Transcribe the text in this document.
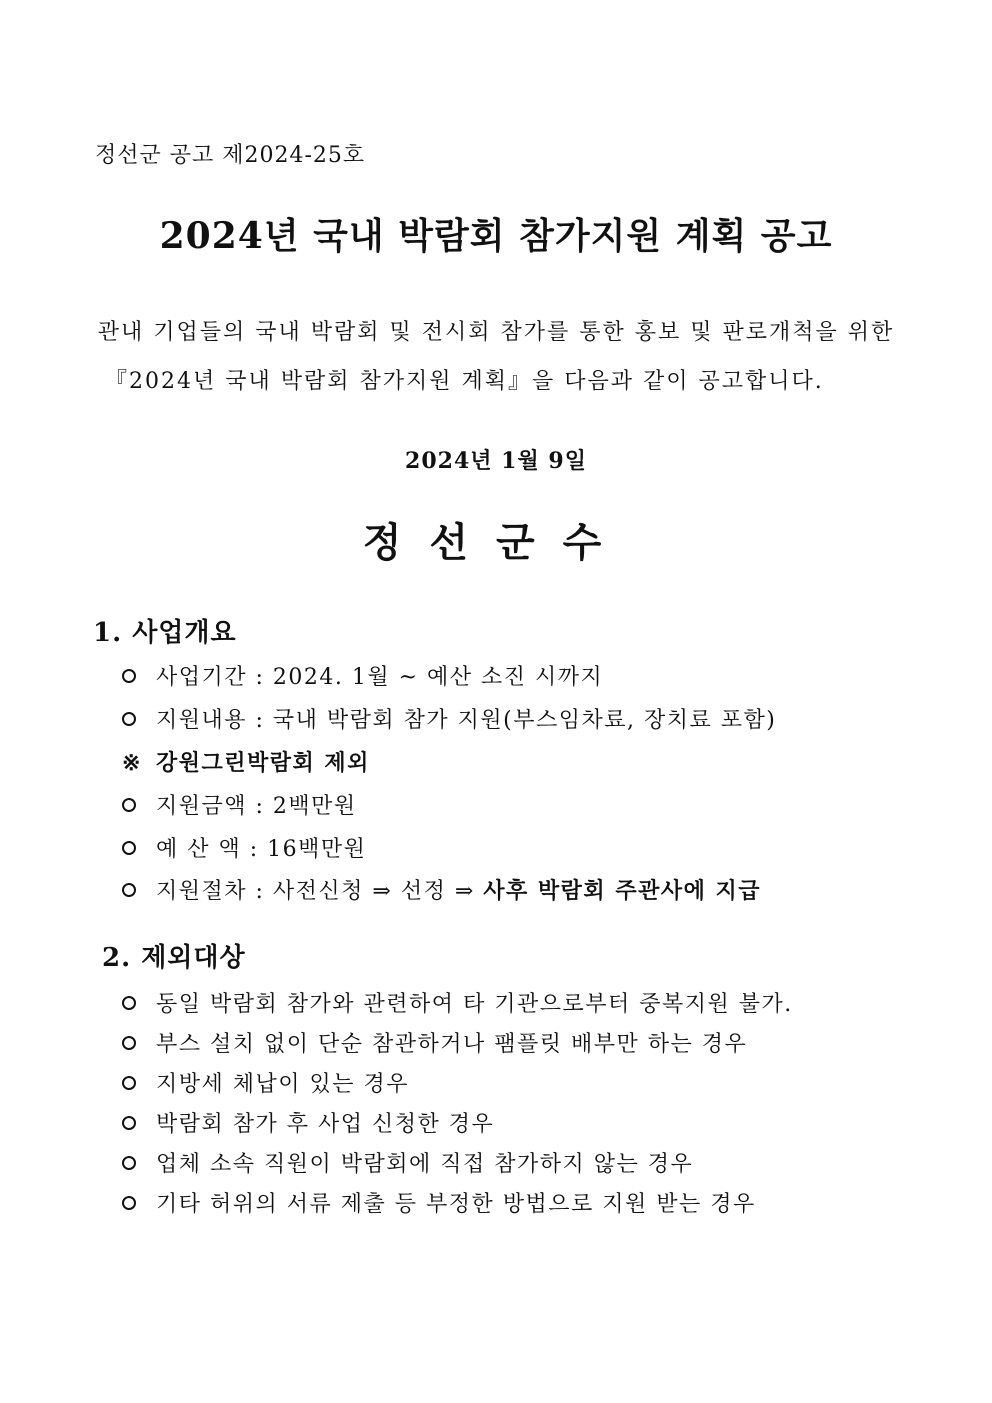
정선군 공고 제2024-25호
2024년 국내 박람회 참가지원 계획 공고
관내 기업들의 국내 박람회 및 전시회 참가를 통한 홍보 및 판로개척을 위한
『2024년 국내 박람회 참가지원 계획』을 다음과 같이 공고합니다.
2024년 1월 9일
정선군수
1. 사업개요
사업기간 : 2024. 1월 ~ 예산 소진 시까지
지원내용 : 국내 박람회 참가 지원(부스임차료, 장치료 포함)
※ 강원그린박람회 제외
지원금액 : 2백만원
예 산 액 : 16백만원
지원절차 : 사전신청 ⇒ 선정 ⇒ 사후 박람회 주관사에 지급
2. 제외대상
동일 박람회 참가와 관련하여 타 기관으로부터 중복지원 불가.
부스 설치 없이 단순 참관하거나 팸플릿 배부만 하는 경우
지방세 체납이 있는 경우
박람회 참가 후 사업 신청한 경우
업체 소속 직원이 박람회에 직접 참가하지 않는 경우
기타 허위의 서류 제출 등 부정한 방법으로 지원 받는 경우
